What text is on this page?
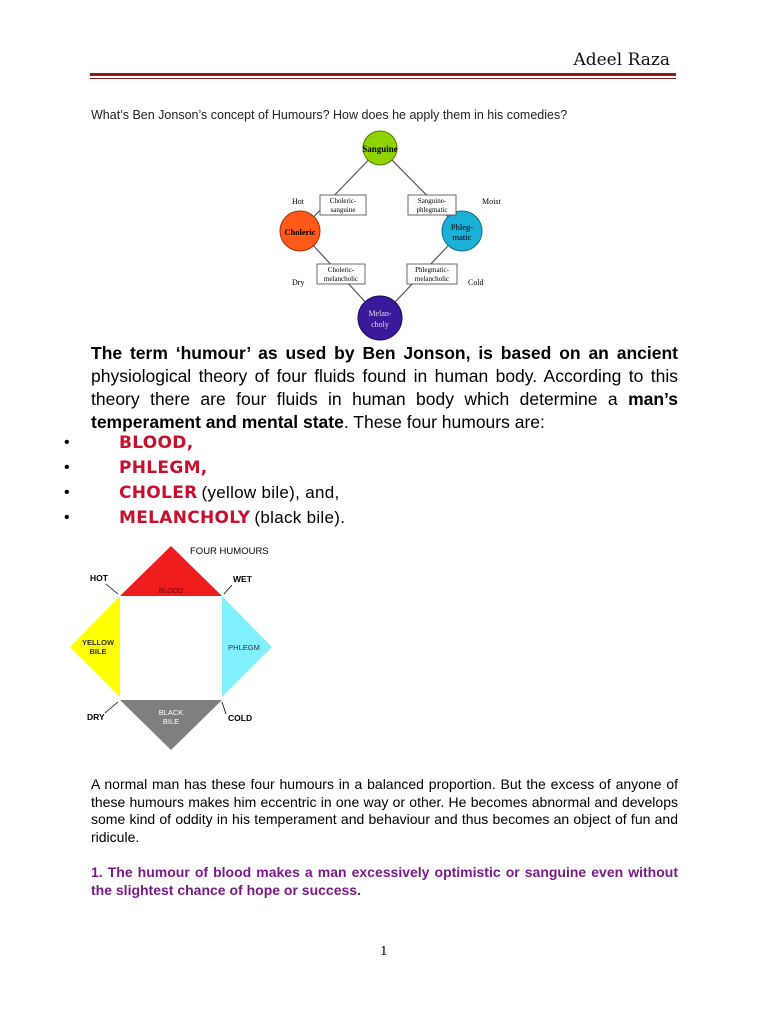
Adeel Raza
What’s Ben Jonson’s concept of Humours? How does he apply them in his comedies?
Sanguine
Choleric	Phleg-
matic
Melan-
choly
Choleric-
sanguine
Sanguine-
phlegmatic
Choleric-
melancholic
Phlegmatic-
melancholic
Hot	Moist
Dry	Cold
The term ‘humour’ as used by Ben Jonson, is based on an ancient physiological theory of four fluids found in human body. According to this theory there are four fluids in human body which determine a man’s temperament and mental state. These four humours are:
•	BLOOD,
•	PHLEGM,
•	CHOLER (yellow bile), and,
•	MELANCHOLY (black bile).
FOUR HUMOURS
BLOOD
YELLOW
BILE	PHLEGM
BLACK
BILE
HOT	WET
DRY	COLD
A normal man has these four humours in a balanced proportion. But the excess of anyone of these humours makes him eccentric in one way or other. He becomes abnormal and develops some kind of oddity in his temperament and behaviour and thus becomes an object of fun and ridicule.
1. The humour of blood makes a man excessively optimistic or sanguine even without the slightest chance of hope or success.
1
